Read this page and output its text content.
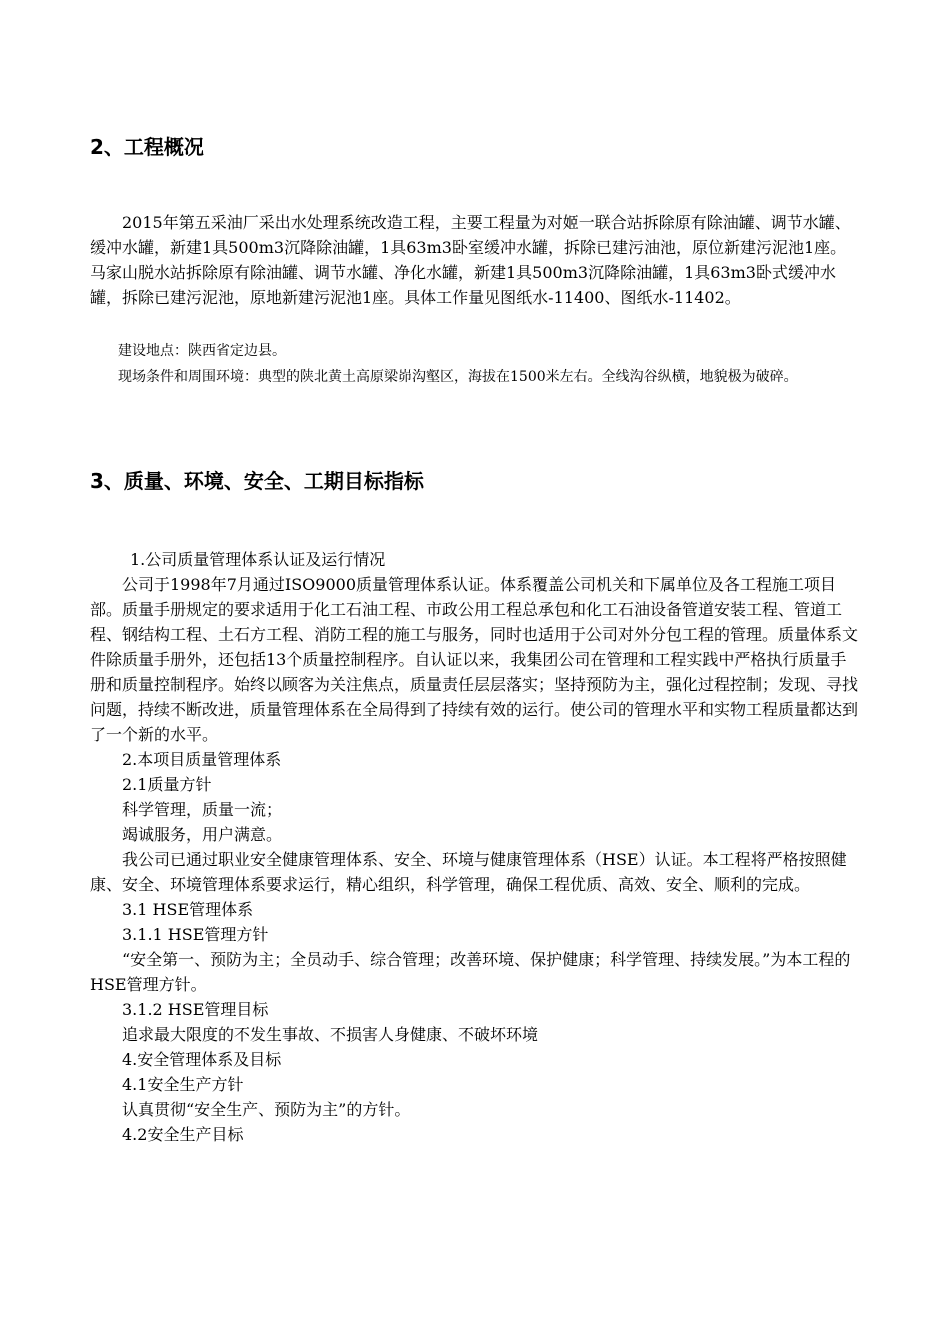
2、工程概况

2015年第五采油厂采出水处理系统改造工程，主要工程量为对姬一联合站拆除原有除油罐、调节水罐、缓冲水罐，新建1具500m3沉降除油罐，1具63m3卧室缓冲水罐，拆除已建污油池，原位新建污泥池1座。马家山脱水站拆除原有除油罐、调节水罐、净化水罐，新建1具500m3沉降除油罐，1具63m3卧式缓冲水罐，拆除已建污泥池，原地新建污泥池1座。具体工作量见图纸水-11400、图纸水-11402。

建设地点：陕西省定边县。

现场条件和周围环境：典型的陕北黄土高原梁峁沟壑区，海拔在1500米左右。全线沟谷纵横，地貌极为破碎。

3、质量、环境、安全、工期目标指标

1.公司质量管理体系认证及运行情况

公司于1998年7月通过ISO9000质量管理体系认证。体系覆盖公司机关和下属单位及各工程施工项目部。质量手册规定的要求适用于化工石油工程、市政公用工程总承包和化工石油设备管道安装工程、管道工程、钢结构工程、土石方工程、消防工程的施工与服务，同时也适用于公司对外分包工程的管理。质量体系文件除质量手册外，还包括13个质量控制程序。自认证以来，我集团公司在管理和工程实践中严格执行质量手册和质量控制程序。始终以顾客为关注焦点，质量责任层层落实；坚持预防为主，强化过程控制；发现、寻找问题，持续不断改进，质量管理体系在全局得到了持续有效的运行。使公司的管理水平和实物工程质量都达到了一个新的水平。

2.本项目质量管理体系

2.1质量方针

科学管理，质量一流；

竭诚服务，用户满意。

我公司已通过职业安全健康管理体系、安全、环境与健康管理体系（HSE）认证。本工程将严格按照健康、安全、环境管理体系要求运行，精心组织，科学管理，确保工程优质、高效、安全、顺利的完成。

3.1 HSE管理体系

3.1.1 HSE管理方针

“安全第一、预防为主；全员动手、综合管理；改善环境、保护健康；科学管理、持续发展。”为本工程的HSE管理方针。

3.1.2 HSE管理目标

追求最大限度的不发生事故、不损害人身健康、不破坏环境

4.安全管理体系及目标

4.1安全生产方针

认真贯彻“安全生产、预防为主”的方针。

4.2安全生产目标
